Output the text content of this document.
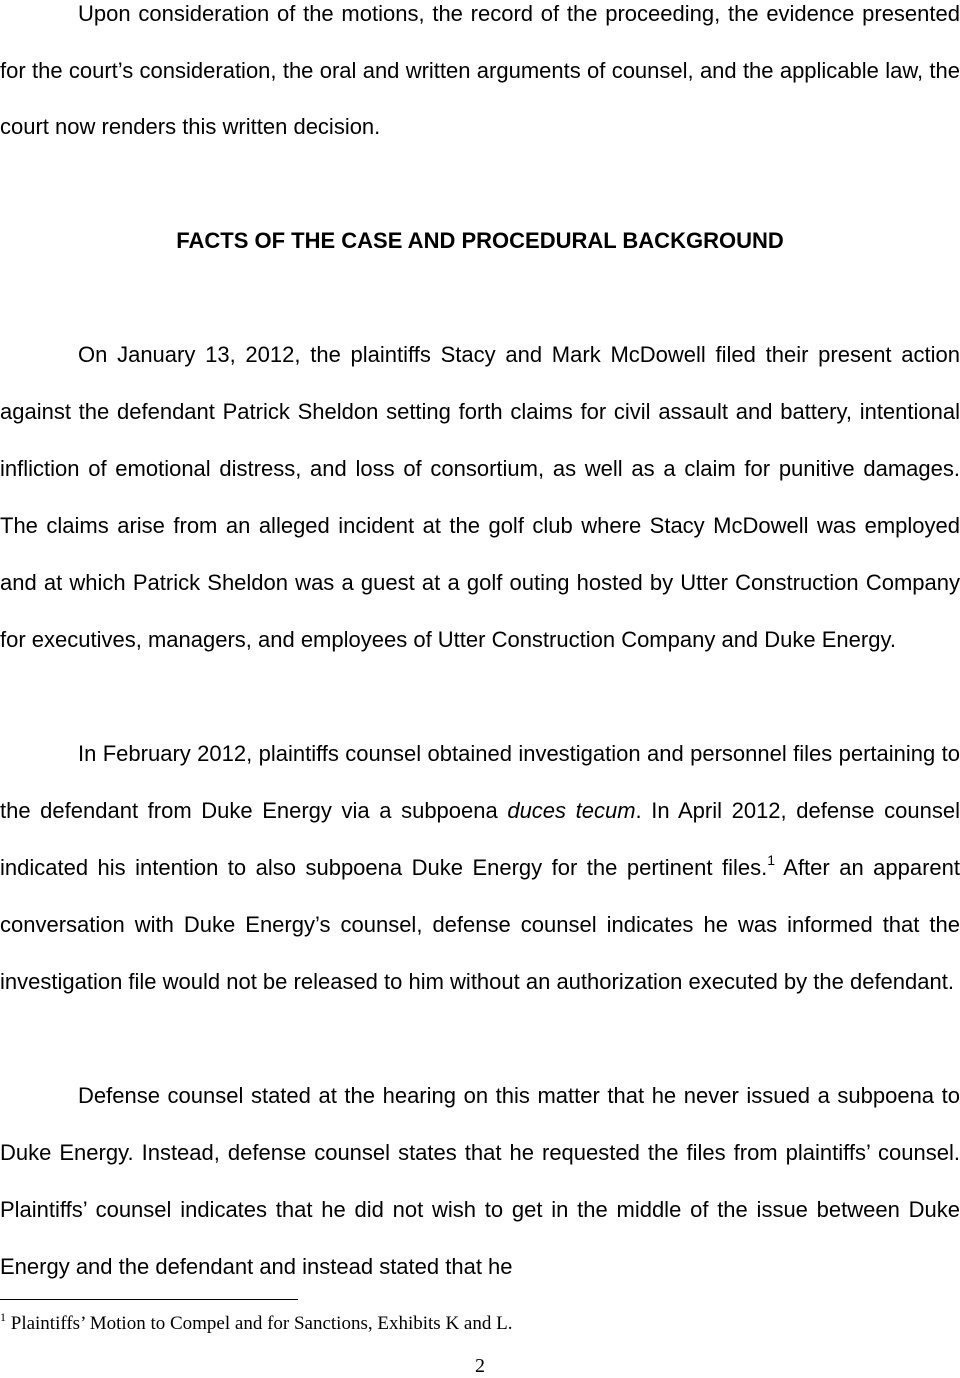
Upon consideration of the motions, the record of the proceeding, the evidence presented for the court’s consideration, the oral and written arguments of counsel, and the applicable law, the court now renders this written decision.

FACTS OF THE CASE AND PROCEDURAL BACKGROUND

On January 13, 2012, the plaintiffs Stacy and Mark McDowell filed their present action against the defendant Patrick Sheldon setting forth claims for civil assault and battery, intentional infliction of emotional distress, and loss of consortium, as well as a claim for punitive damages. The claims arise from an alleged incident at the golf club where Stacy McDowell was employed and at which Patrick Sheldon was a guest at a golf outing hosted by Utter Construction Company for executives, managers, and employees of Utter Construction Company and Duke Energy.

In February 2012, plaintiffs counsel obtained investigation and personnel files pertaining to the defendant from Duke Energy via a subpoena duces tecum. In April 2012, defense counsel indicated his intention to also subpoena Duke Energy for the pertinent files.$^1$ After an apparent conversation with Duke Energy’s counsel, defense counsel indicates he was informed that the investigation file would not be released to him without an authorization executed by the defendant.

Defense counsel stated at the hearing on this matter that he never issued a subpoena to Duke Energy. Instead, defense counsel states that he requested the files from plaintiffs’ counsel. Plaintiffs’ counsel indicates that he did not wish to get in the middle of the issue between Duke Energy and the defendant and instead stated that he

$^1$ Plaintiffs’ Motion to Compel and for Sanctions, Exhibits K and L.

2
